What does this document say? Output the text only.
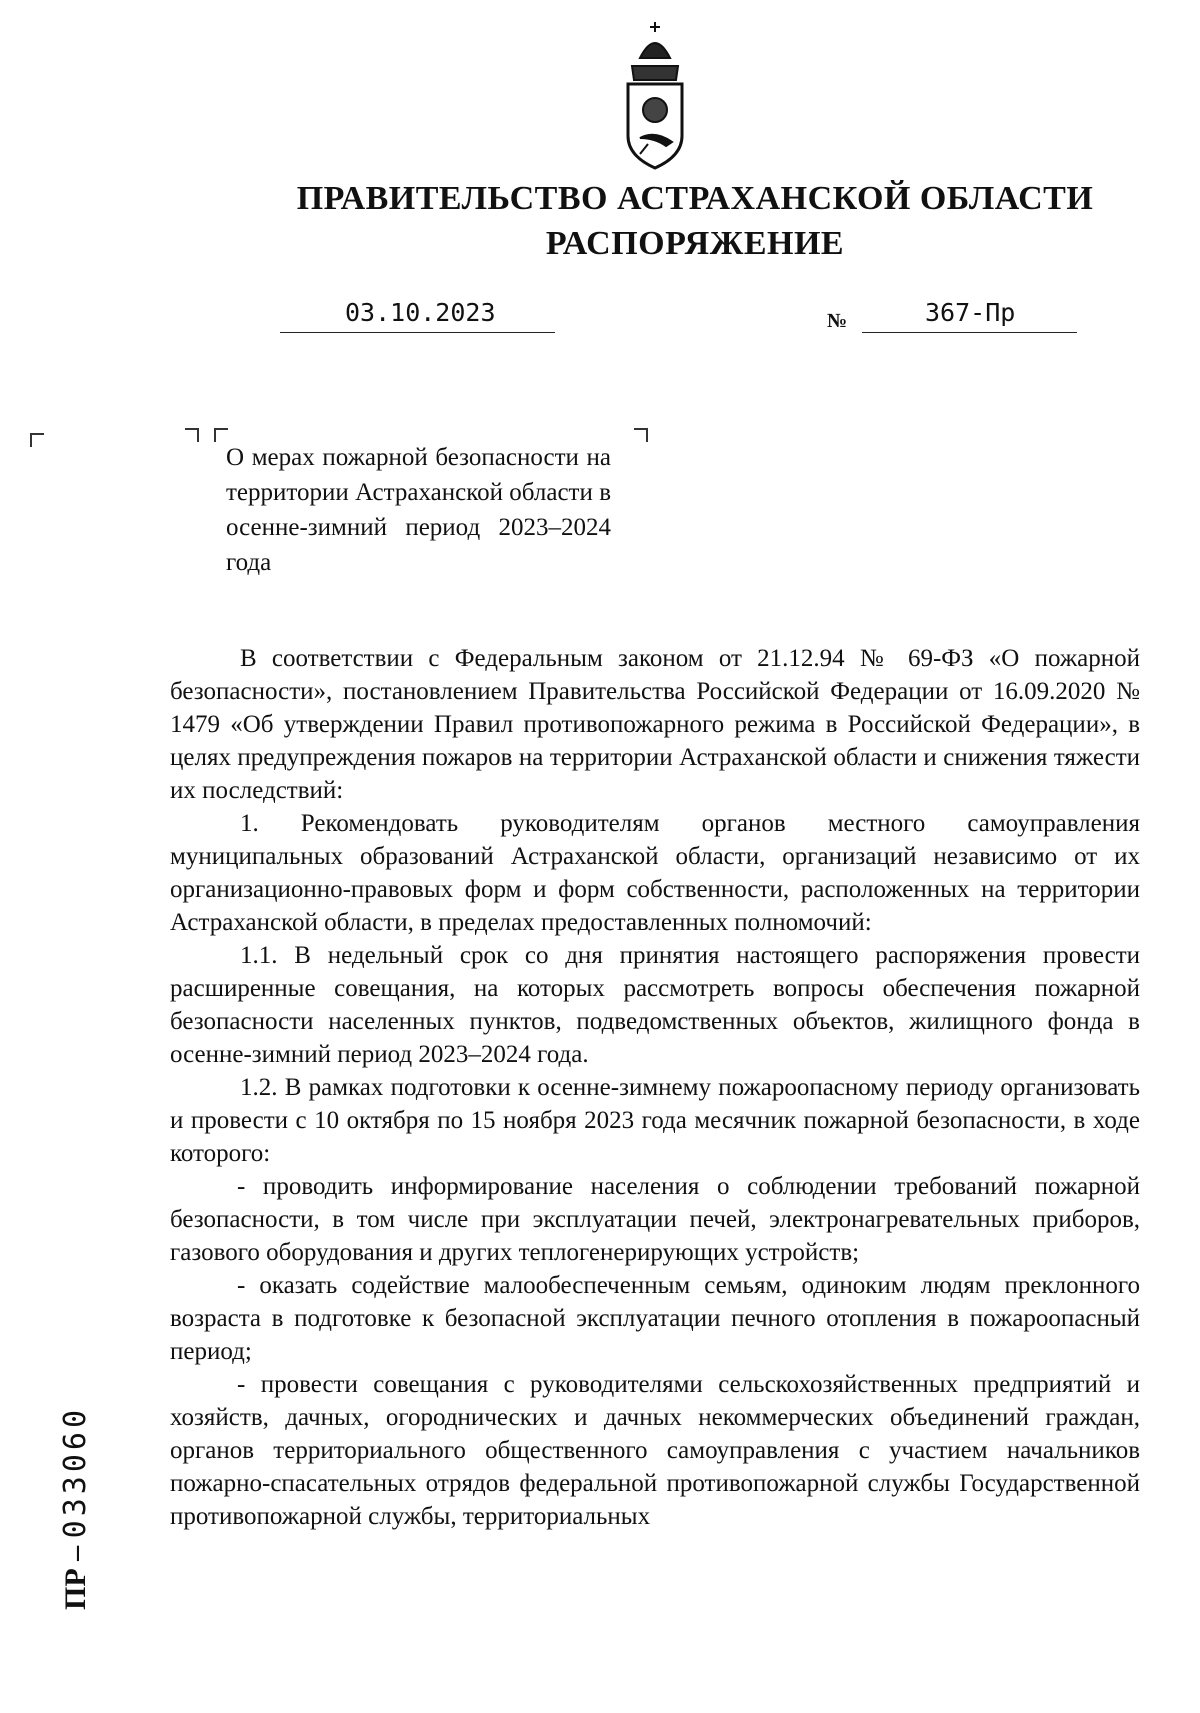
ПРАВИТЕЛЬСТВО АСТРАХАНСКОЙ ОБЛАСТИ
РАСПОРЯЖЕНИЕ
03.10.2023	№	367-Пр
О мерах пожарной безопасности на территории Астраханской области в осенне-зимний период 2023–2024 года

В соответствии с Федеральным законом от 21.12.94 № 69-ФЗ «О пожарной безопасности», постановлением Правительства Российской Федерации от 16.09.2020 № 1479 «Об утверждении Правил противопожарного режима в Российской Федерации», в целях предупреждения пожаров на территории Астраханской области и снижения тяжести их последствий:

1. Рекомендовать руководителям органов местного самоуправления муниципальных образований Астраханской области, организаций независимо от их организационно-правовых форм и форм собственности, расположенных на территории Астраханской области, в пределах предоставленных полномочий:

1.1. В недельный срок со дня принятия настоящего распоряжения провести расширенные совещания, на которых рассмотреть вопросы обеспечения пожарной безопасности населенных пунктов, подведомственных объектов, жилищного фонда в осенне-зимний период 2023–2024 года.

1.2. В рамках подготовки к осенне-зимнему пожароопасному периоду организовать и провести с 10 октября по 15 ноября 2023 года месячник пожарной безопасности, в ходе которого:

- проводить информирование населения о соблюдении требований пожарной безопасности, в том числе при эксплуатации печей, электронагревательных приборов, газового оборудования и других теплогенерирующих устройств;

- оказать содействие малообеспеченным семьям, одиноким людям преклонного возраста в подготовке к безопасной эксплуатации печного отопления в пожароопасный период;

- провести совещания с руководителями сельскохозяйственных предприятий и хозяйств, дачных, огороднических и дачных некоммерческих объединений граждан, органов территориального общественного самоуправления с участием начальников пожарно-спасательных отрядов федеральной противопожарной службы Государственной противопожарной службы, территориальных

ПР – 033060
